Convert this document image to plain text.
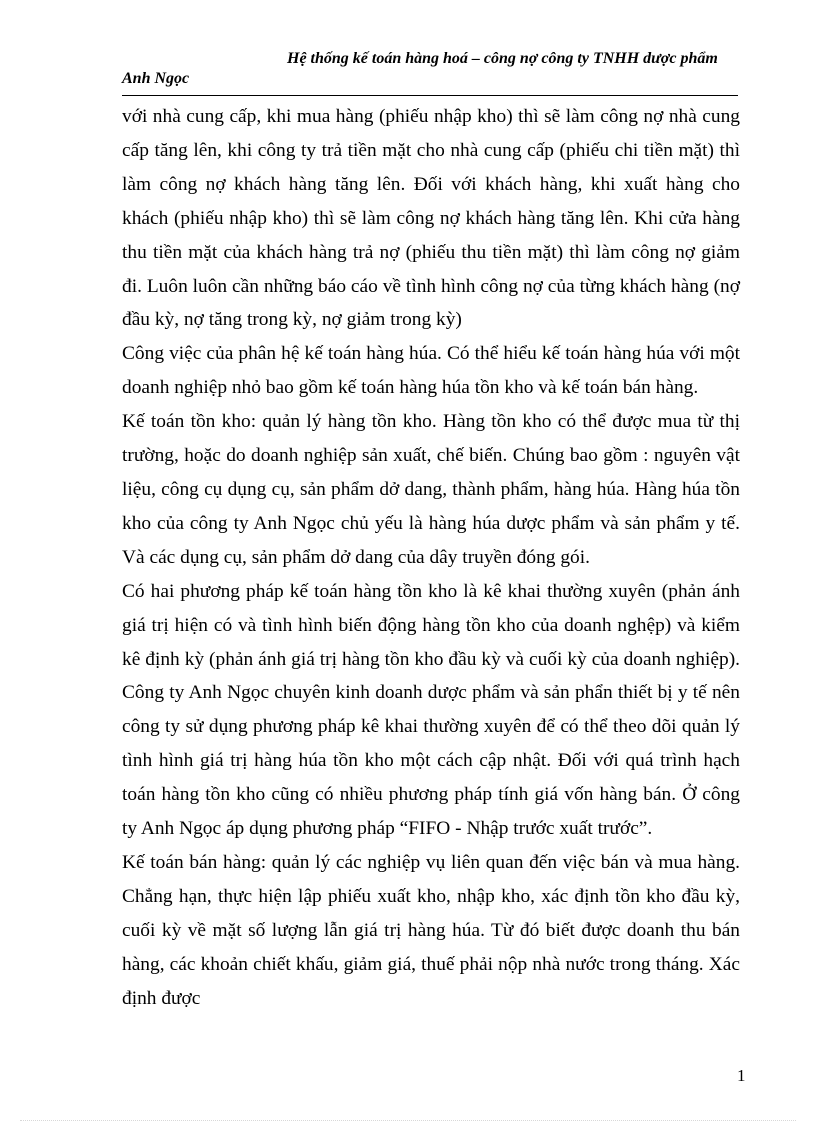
Hệ thống kế toán hàng hoá – công nợ công ty TNHH dược phẩm
Anh Ngọc

với nhà cung cấp, khi mua hàng (phiếu nhập kho) thì sẽ làm công nợ nhà cung cấp tăng lên, khi công ty trả tiền mặt cho nhà cung cấp (phiếu chi tiền mặt) thì làm công nợ khách hàng tăng lên. Đối với khách hàng, khi xuất hàng cho khách (phiếu nhập kho) thì sẽ làm công nợ khách hàng tăng lên. Khi cửa hàng thu tiền mặt của khách hàng trả nợ (phiếu thu tiền mặt) thì làm công nợ giảm đi. Luôn luôn cần những báo cáo về tình hình công nợ của từng khách hàng (nợ đầu kỳ, nợ tăng trong kỳ, nợ giảm trong kỳ)

Công việc của phân hệ kế toán hàng húa. Có thể hiểu kế toán hàng húa với một doanh nghiệp nhỏ bao gồm kế toán hàng húa tồn kho và kế toán bán hàng.

Kế toán tồn kho: quản lý hàng tồn kho. Hàng tồn kho có thể được mua từ thị trường, hoặc do doanh nghiệp sản xuất, chế biến. Chúng bao gồm : nguyên vật liệu, công cụ dụng cụ, sản phẩm dở dang, thành phẩm, hàng húa. Hàng húa tồn kho của công ty Anh Ngọc chủ yếu là hàng húa dược phẩm và sản phẩm y tế. Và các dụng cụ, sản phẩm dở dang của dây truyền đóng gói.

Có hai phương pháp kế toán hàng tồn kho là kê khai thường xuyên (phản ánh giá trị hiện có và tình hình biến động hàng tồn kho của doanh nghệp) và kiểm kê định kỳ (phản ánh giá trị hàng tồn kho đầu kỳ và cuối kỳ của doanh nghiệp). Công ty Anh Ngọc chuyên kinh doanh dược phẩm và sản phẩn thiết bị y tế nên công ty sử dụng phương pháp kê khai thường xuyên để có thể theo dõi quản lý tình hình giá trị hàng húa tồn kho một cách cập nhật. Đối với quá trình hạch toán hàng tồn kho cũng có nhiều phương pháp tính giá vốn hàng bán. Ở công ty Anh Ngọc áp dụng phương pháp “FIFO - Nhập trước xuất trước”.

Kế toán bán hàng: quản lý các nghiệp vụ liên quan đến việc bán và mua hàng. Chẳng hạn, thực hiện lập phiếu xuất kho, nhập kho, xác định tồn kho đầu kỳ, cuối kỳ về mặt số lượng lẫn giá trị hàng húa. Từ đó biết được doanh thu bán hàng, các khoản chiết khấu, giảm giá, thuế phải nộp nhà nước trong tháng. Xác định được

1
